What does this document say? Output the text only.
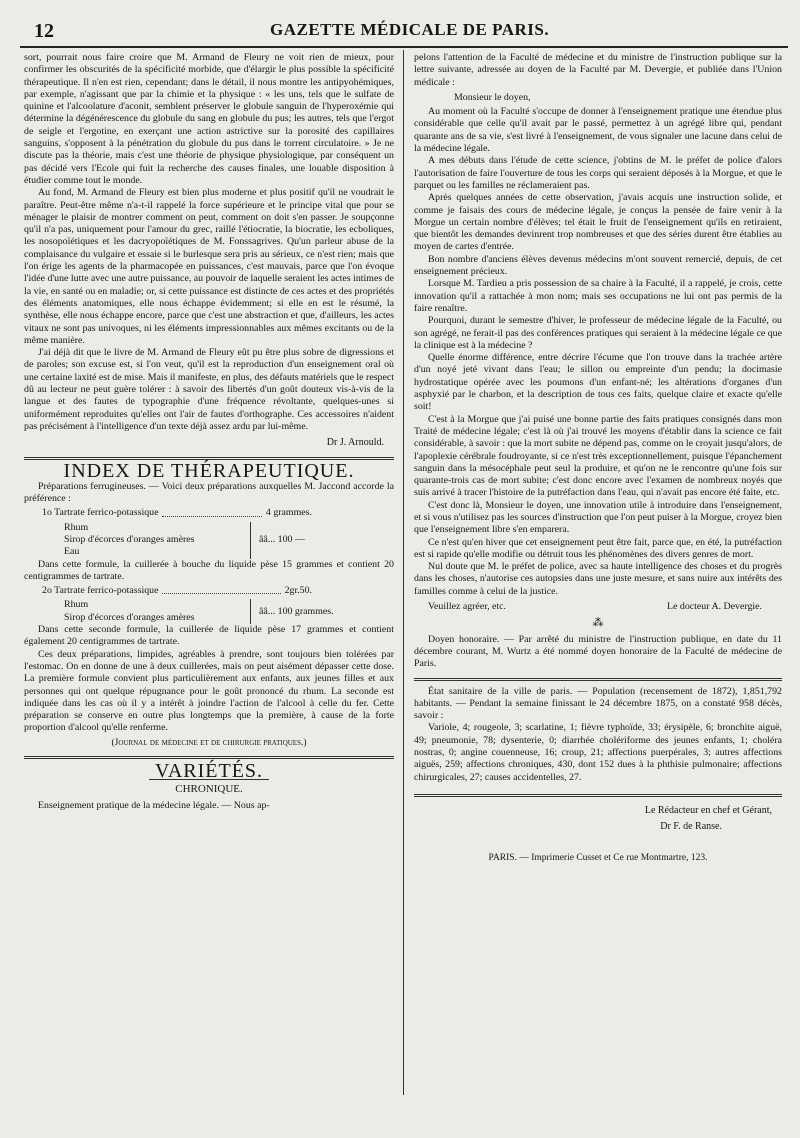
12	GAZETTE MÉDICALE DE PARIS.

sort, pourrait nous faire croire que M. Armand de Fleury ne voit rien de mieux, pour confirmer les obscurités de la spécificité morbide, que d'élargir le plus possible la spécificité thérapeutique. Il n'en est rien, cependant; dans le détail, il nous montre les antipyohémiques, par exemple, n'agissant que par la chimie et la physique : « les uns, tels que le sulfate de quinine et l'alcoolature d'aconit, semblent préserver le globule sanguin de l'hyperoxémie qui détermine la dégénérescence du globule du sang en globule du pus; les autres, tels que l'ergot de seigle et l'ergotine, en exerçant une action astrictive sur la porosité des capillaires sanguins, s'opposent à la pénétration du globule du pus dans le torrent circulatoire. » Je ne discute pas la théorie, mais c'est une théorie de physique physiologique, par conséquent un pas décidé vers l'Ecole qui fuit la recherche des causes finales, une louable disposition à étudier comme tout le monde.

Au fond, M. Armand de Fleury est bien plus moderne et plus positif qu'il ne voudrait le paraître. Peut-être même n'a-t-il rappelé la force supérieure et le principe vital que pour se ménager le plaisir de montrer comment on peut, comment on doit s'en passer. Je soupçonne qu'il n'a pas, uniquement pour l'amour du grec, raillé l'étiocratie, la biocratie, les ecboliques, les nosopoïétiques et les dacryopoïétiques de M. Fonssagrives. Qu'un parleur abuse de la complaisance du vulgaire et essaie si le burlesque sera pris au sérieux, ce n'est rien; mais que l'on érige les agents de la pharmacopée en puissances, c'est mauvais, parce que l'on évoque l'idée d'une lutte avec une autre puissance, au pouvoir de laquelle seraient les actes intimes de la vie, en santé ou en maladie; or, si cette puissance est distincte de ces actes et des propriétés des éléments anatomiques, elle nous échappe évidemment; si elle en est le résumé, la synthèse, elle nous échappe encore, parce que c'est une abstraction et que, d'ailleurs, les actes vitaux ne sont pas univoques, ni les éléments impressionnables aux mêmes excitants ou de la même manière.

J'ai déjà dit que le livre de M. Armand de Fleury eût pu être plus sobre de digressions et de paroles; son excuse est, si l'on veut, qu'il est la reproduction d'un enseignement oral où une certaine laxité est de mise. Mais il manifeste, en plus, des défauts matériels que le respect dû au lecteur ne peut guère tolérer : à savoir des libertés d'un goût douteux vis-à-vis de la langue et des fautes de typographie d'une fréquence révoltante, quelques-unes si uniformément reproduites qu'elles ont l'air de fautes d'orthographe. Ces accessoires n'aident pas précisément à l'intelligence d'un texte déjà assez ardu par lui-même.

Dr J. Arnould.
INDEX DE THÉRAPEUTIQUE.

Préparations ferrugineuses. — Voici deux préparations auxquelles M. Jaccond accorde la préférence :

1o Tartrate ferrico-potassique	4 grammes.
Rhum
Sirop d'écorces d'oranges amères
Eau
ââ... 100 —

Dans cette formule, la cuillerée à bouche du liquide pèse 15 grammes et contient 20 centigrammes de tartrate.

2o Tartrate ferrico-potassique	2gr.50.
Rhum
Sirop d'écorces d'oranges amères
ââ... 100 grammes.

Dans cette seconde formule, la cuillerée de liquide pèse 17 grammes et contient également 20 centigrammes de tartrate.

Ces deux préparations, limpides, agréables à prendre, sont toujours bien tolérées par l'estomac. On en donne de une à deux cuillerées, mais on peut aisément dépasser cette dose. La première formule convient plus particulièrement aux enfants, aux jeunes filles et aux personnes qui ont quelque répugnance pour le goût prononcé du rhum. La seconde est indiquée dans les cas où il y a intérêt à joindre l'action de l'alcool à celle du fer. Cette préparation se conserve en outre plus longtemps que la première, à cause de la forte proportion d'alcool qu'elle renferme.

(Journal de médecine et de chirurgie pratiques.)
VARIÉTÉS.
CHRONIQUE.

Enseignement pratique de la médecine légale. — Nous ap-

pelons l'attention de la Faculté de médecine et du ministre de l'instruction publique sur la lettre suivante, adressée au doyen de la Faculté par M. Devergie, et publiée dans l'Union médicale :

Monsieur le doyen,

Au moment où la Faculté s'occupe de donner à l'enseignement pratique une étendue plus considérable que celle qu'il avait par le passé, permettez à un agrégé libre qui, pendant quarante ans de sa vie, s'est livré à l'enseignement, de vous signaler une lacune dans celui de la médecine légale.

A mes débuts dans l'étude de cette science, j'obtins de M. le préfet de police d'alors l'autorisation de faire l'ouverture de tous les corps qui seraient déposés à la Morgue, et que le parquet ou les familles ne réclameraient pas.

Après quelques années de cette observation, j'avais acquis une instruction solide, et comme je faisais des cours de médecine légale, je conçus la pensée de faire venir à la Morgue un certain nombre d'élèves; tel était le fruit de l'enseignement qu'ils en retiraient, que bientôt les demandes devinrent trop nombreuses et que des séries durent être établies au moyen de cartes d'entrée.

Bon nombre d'anciens élèves devenus médecins m'ont souvent remercié, depuis, de cet enseignement précieux.

Lorsque M. Tardieu a pris possession de sa chaire à la Faculté, il a rappelé, je crois, cette innovation qu'il a rattachée à mon nom; mais ses occupations ne lui ont pas permis de la faire renaître.

Pourquoi, durant le semestre d'hiver, le professeur de médecine légale de la Faculté, ou son agrégé, ne ferait-il pas des conférences pratiques qui seraient à la médecine légale ce que la clinique est à la médecine ?

Quelle énorme différence, entre décrire l'écume que l'on trouve dans la trachée artère d'un noyé jeté vivant dans l'eau; le sillon ou empreinte d'un pendu; la docimasie hydrostatique opérée avec les poumons d'un enfant-né; les altérations d'organes d'un asphyxié par le charbon, et la description de tous ces faits, quelque claire et exacte qu'elle soit!

C'est à la Morgue que j'ai puisé une bonne partie des faits pratiques consignés dans mon Traité de médecine légale; c'est là où j'ai trouvé les moyens d'établir dans la science ce fait considérable, à savoir : que la mort subite ne dépend pas, comme on le croyait jusqu'alors, de l'apoplexie cérébrale foudroyante, si ce n'est très exceptionnellement, puisque l'épanchement sanguin dans la mésocéphale peut seul la produire, et qu'on ne le rencontre qu'une fois sur quarante-trois cas de mort subite; c'est donc encore avec l'examen de nombreux noyés que suis arrivé à tracer l'histoire de la putréfaction dans l'eau, qui n'avait pas encore été faite, etc.

C'est donc là, Monsieur le doyen, une innovation utile à introduire dans l'enseignement, et si vous n'utilisez pas les sources d'instruction que l'on peut puiser à la Morgue, croyez bien que l'enseignement libre s'en emparera.

Ce n'est qu'en hiver que cet enseignement peut être fait, parce que, en été, la putréfaction est si rapide qu'elle modifie ou détruit tous les phénomènes des divers genres de mort.

Nul doute que M. le préfet de police, avec sa haute intelligence des choses et du progrès dans les choses, n'autorise ces autopsies dans une juste mesure, et sans nuire aux intérêts des familles comme à celui de la justice.

Veuillez agréer, etc.	Le docteur A. Devergie.
⁂

Doyen honoraire. — Par arrêté du ministre de l'instruction publique, en date du 11 décembre courant, M. Wurtz a été nommé doyen honoraire de la Faculté de médecine de Paris.

État sanitaire de la ville de paris. — Population (recensement de 1872), 1,851,792 habitants. — Pendant la semaine finissant le 24 décembre 1875, on a constaté 958 décès, savoir :

Variole, 4; rougeole, 3; scarlatine, 1; fièvre typhoïde, 33; érysipèle, 6; bronchite aiguë, 49; pneumonie, 78; dysenterie, 0; diarrhée cholériforme des jeunes enfants, 1; choléra nostras, 0; angine couenneuse, 16; croup, 21; affections puerpérales, 3; autres affections aiguës, 259; affections chroniques, 430, dont 152 dues à la phthisie pulmonaire; affections chirurgicales, 27; causes accidentelles, 27.

Le Rédacteur en chef et Gérant,
Dr F. de Ranse.
PARIS. — Imprimerie Cusset et Ce rue Montmartre, 123.
